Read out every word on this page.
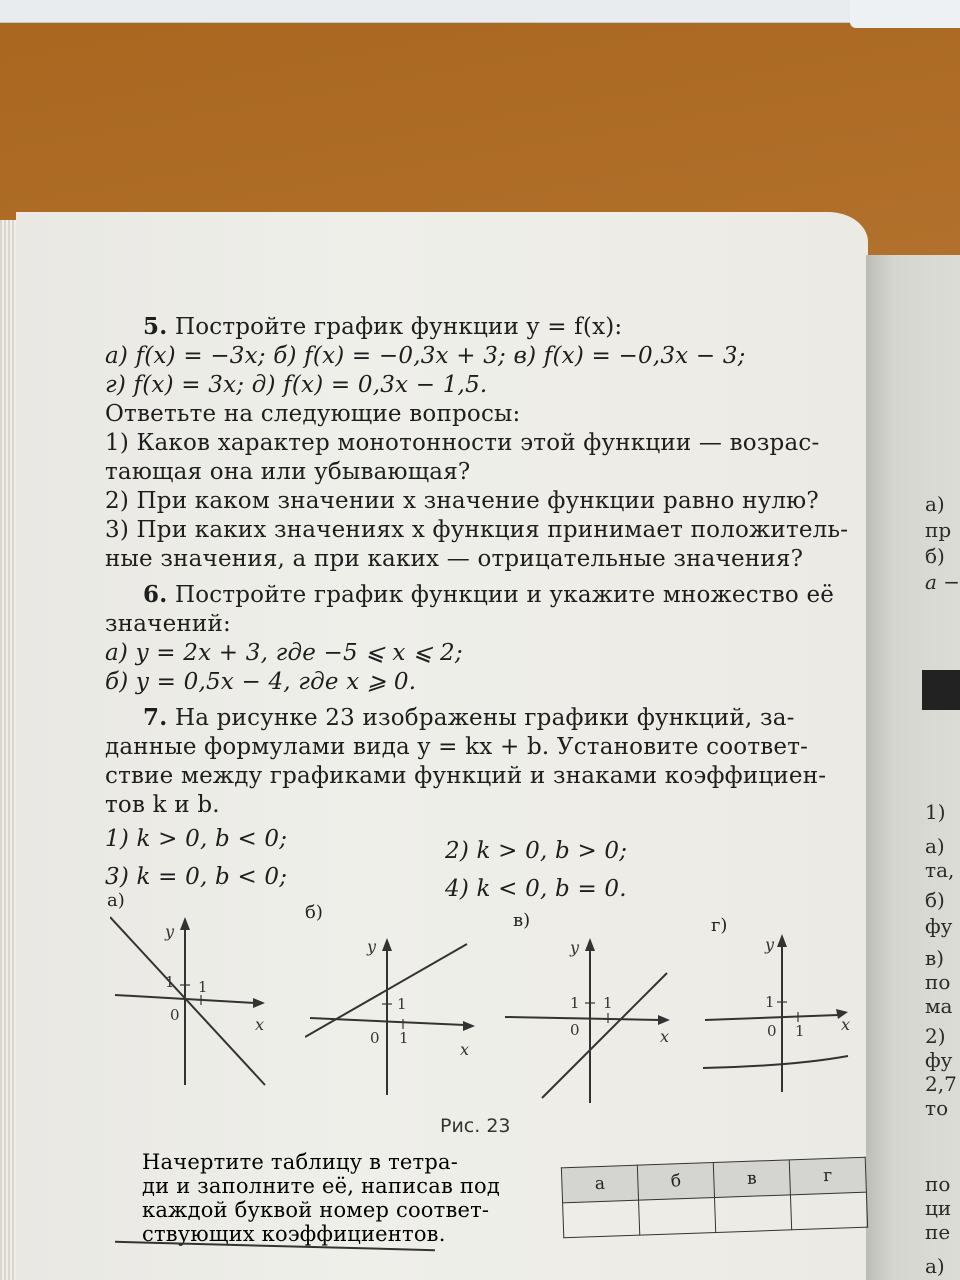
а)
пр
б)
а −
1)
а)
та,
б)
фу
в)
по
ма
2)
фу
2,7
то
по
ци
пе
а)
5. Постройте график функции y = f(x):
а) f(x) = −3x; б) f(x) = −0,3x + 3; в) f(x) = −0,3x − 3;
г) f(x) = 3x; д) f(x) = 0,3x − 1,5.
Ответьте на следующие вопросы:
1) Каков характер монотонности этой функции — возрас-
тающая она или убывающая?
2) При каком значении x значение функции равно нулю?
3) При каких значениях x функция принимает положитель-
ные значения, а при каких — отрицательные значения?
6. Постройте график функции и укажите множество её
значений:
а) y = 2x + 3, где −5 ⩽ x ⩽ 2;
б) y = 0,5x − 4, где x ⩾ 0.
7. На рисунке 23 изображены графики функций, за-
данные формулами вида y = kx + b. Установите соответ-
ствие между графиками функций и знаками коэффициен-
тов k и b.
1) k > 0, b < 0;	2) k > 0, b > 0;
3) k = 0, b < 0;	4) k < 0, b = 0.
а)
y
1 1
0	x
б)
y
1
0 1
x
в)
y
1 1
0	x
г)
y
1
0 1 x
Рис. 23
Начертите таблицу в тетра-
ди и заполните её, написав под
каждой буквой номер соответ-
ствующих коэффициентов.
а	б	в	г
